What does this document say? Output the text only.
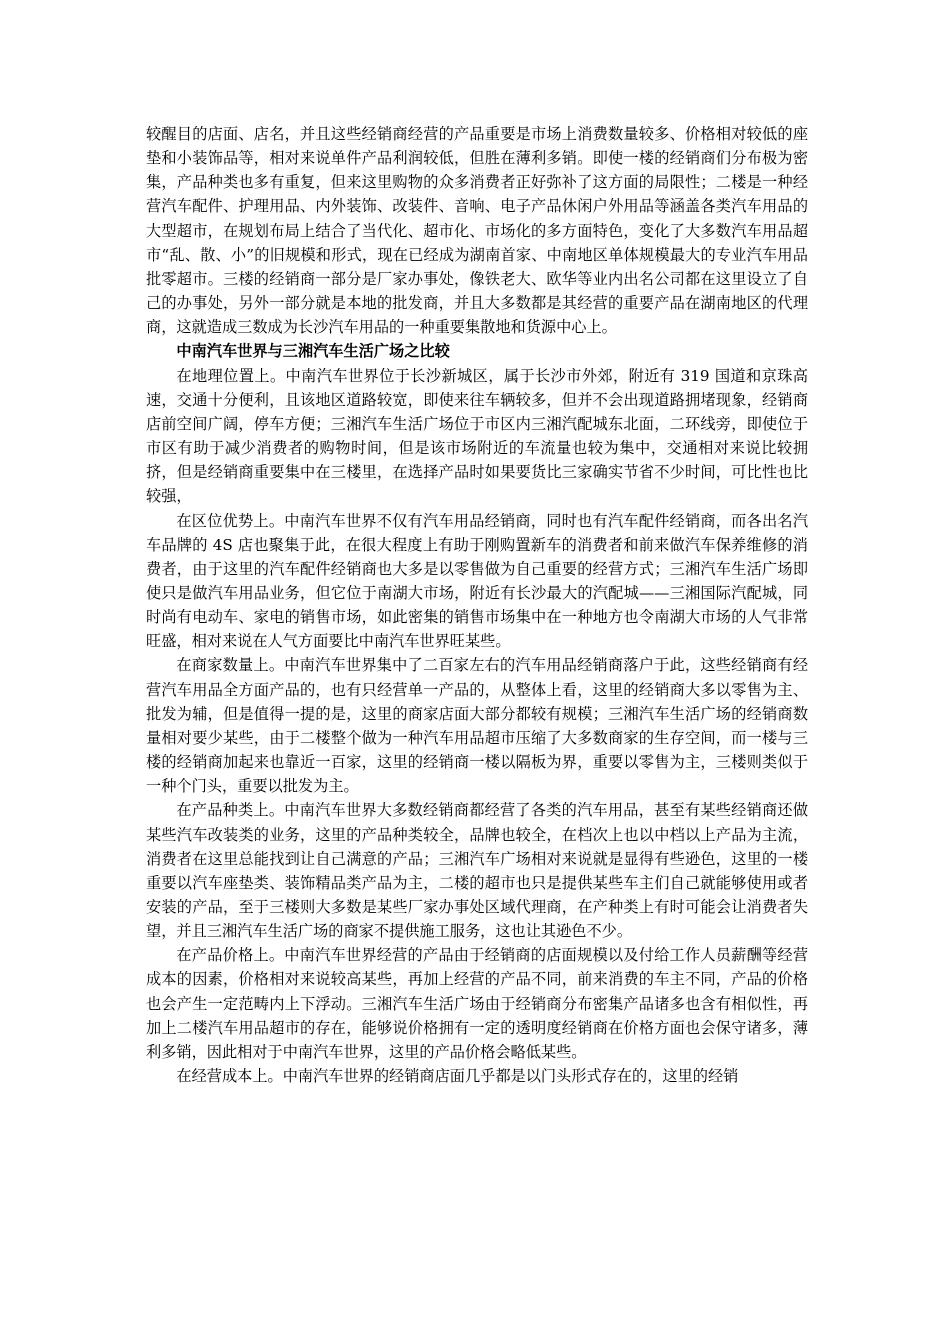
较醒目的店面、店名，并且这些经销商经营的产品重要是市场上消费数量较多、价格相对较低的座垫和小装饰品等，相对来说单件产品利润较低，但胜在薄利多销。即使一楼的经销商们分布极为密集，产品种类也多有重复，但来这里购物的众多消费者正好弥补了这方面的局限性；二楼是一种经营汽车配件、护理用品、内外装饰、改装件、音响、电子产品休闲户外用品等涵盖各类汽车用品的大型超市，在规划布局上结合了当代化、超市化、市场化的多方面特色，变化了大多数汽车用品超市“乱、散、小”的旧规模和形式，现在已经成为湖南首家、中南地区单体规模最大的专业汽车用品批零超市。三楼的经销商一部分是厂家办事处，像铁老大、欧华等业内出名公司都在这里设立了自己的办事处，另外一部分就是本地的批发商，并且大多数都是其经营的重要产品在湖南地区的代理商，这就造成三数成为长沙汽车用品的一种重要集散地和货源中心上。

中南汽车世界与三湘汽车生活广场之比较

在地理位置上。中南汽车世界位于长沙新城区，属于长沙市外郊，附近有 319 国道和京珠高速，交通十分便利，且该地区道路较宽，即使来往车辆较多，但并不会出现道路拥堵现象，经销商店前空间广阔，停车方便；三湘汽车生活广场位于市区内三湘汽配城东北面，二环线旁，即使位于市区有助于减少消费者的购物时间，但是该市场附近的车流量也较为集中，交通相对来说比较拥挤，但是经销商重要集中在三楼里，在选择产品时如果要货比三家确实节省不少时间，可比性也比较强，

在区位优势上。中南汽车世界不仅有汽车用品经销商，同时也有汽车配件经销商，而各出名汽车品牌的 4S 店也聚集于此，在很大程度上有助于刚购置新车的消费者和前来做汽车保养维修的消费者，由于这里的汽车配件经销商也大多是以零售做为自己重要的经营方式；三湘汽车生活广场即使只是做汽车用品业务，但它位于南湖大市场，附近有长沙最大的汽配城——三湘国际汽配城，同时尚有电动车、家电的销售市场，如此密集的销售市场集中在一种地方也令南湖大市场的人气非常旺盛，相对来说在人气方面要比中南汽车世界旺某些。

在商家数量上。中南汽车世界集中了二百家左右的汽车用品经销商落户于此，这些经销商有经营汽车用品全方面产品的，也有只经营单一产品的，从整体上看，这里的经销商大多以零售为主、批发为辅，但是值得一提的是，这里的商家店面大部分都较有规模；三湘汽车生活广场的经销商数量相对要少某些，由于二楼整个做为一种汽车用品超市压缩了大多数商家的生存空间，而一楼与三楼的经销商加起来也靠近一百家，这里的经销商一楼以隔板为界，重要以零售为主，三楼则类似于一种个门头，重要以批发为主。

在产品种类上。中南汽车世界大多数经销商都经营了各类的汽车用品，甚至有某些经销商还做某些汽车改装类的业务，这里的产品种类较全，品牌也较全，在档次上也以中档以上产品为主流，消费者在这里总能找到让自己满意的产品；三湘汽车广场相对来说就是显得有些逊色，这里的一楼重要以汽车座垫类、装饰精品类产品为主，二楼的超市也只是提供某些车主们自己就能够使用或者安装的产品，至于三楼则大多数是某些厂家办事处区域代理商，在产种类上有时可能会让消费者失望，并且三湘汽车生活广场的商家不提供施工服务，这也让其逊色不少。

在产品价格上。中南汽车世界经营的产品由于经销商的店面规模以及付给工作人员薪酬等经营成本的因素，价格相对来说较高某些，再加上经营的产品不同，前来消费的车主不同，产品的价格也会产生一定范畴内上下浮动。三湘汽车生活广场由于经销商分布密集产品诸多也含有相似性，再加上二楼汽车用品超市的存在，能够说价格拥有一定的透明度经销商在价格方面也会保守诸多，薄利多销，因此相对于中南汽车世界，这里的产品价格会略低某些。

在经营成本上。中南汽车世界的经销商店面几乎都是以门头形式存在的，这里的经销
